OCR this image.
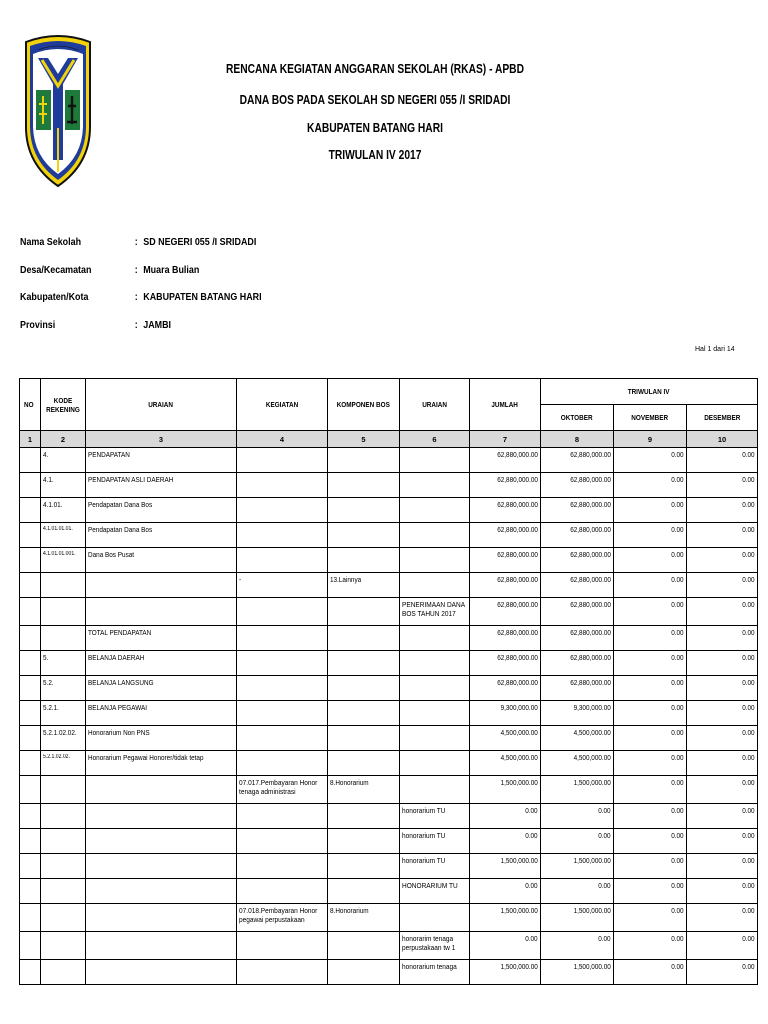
RENCANA KEGIATAN ANGGARAN SEKOLAH (RKAS) - APBD
DANA BOS PADA SEKOLAH SD NEGERI 055 /I SRIDADI
KABUPATEN BATANG HARI
TRIWULAN IV 2017
Nama Sekolah	: SD NEGERI 055 /I SRIDADI
Desa/Kecamatan	: Muara Bulian
Kabupaten/Kota	: KABUPATEN BATANG HARI
Provinsi	: JAMBI
Hal 1 dari 14
NO	KODE REKENING	URAIAN	KEGIATAN	KOMPONEN BOS	URAIAN	JUMLAH	TRIWULAN IV		
							OKTOBER	NOVEMBER	DESEMBER
1	2	3	4	5	6	7	8	9	10
	4.	PENDAPATAN				62,880,000.00	62,880,000.00	0.00	0.00
	4.1.	PENDAPATAN ASLI DAERAH				62,880,000.00	62,880,000.00	0.00	0.00
	4.1.01.	Pendapatan Dana Bos				62,880,000.00	62,880,000.00	0.00	0.00
	4.1.01.01.01.	Pendapatan Dana Bos				62,880,000.00	62,880,000.00	0.00	0.00
	4.1.01.01.001.	Dana Bos Pusat				62,880,000.00	62,880,000.00	0.00	0.00

			-	13.Lainnya		62,880,000.00	62,880,000.00	0.00	0.00

					PENERIMAAN DANA BOS TAHUN 2017	62,880,000.00	62,880,000.00	0.00	0.00
		TOTAL PENDAPATAN				62,880,000.00	62,880,000.00	0.00	0.00
	5.	BELANJA DAERAH				62,880,000.00	62,880,000.00	0.00	0.00
	5.2.	BELANJA LANGSUNG				62,880,000.00	62,880,000.00	0.00	0.00
	5.2.1.	BELANJA PEGAWAI				9,300,000.00	9,300,000.00	0.00	0.00
	5.2.1.02.02.	Honorarium Non PNS				4,500,000.00	4,500,000.00	0.00	0.00
	5.2.1.02.02.	Honorarium Pegawai Honorer/tidak tetap				4,500,000.00	4,500,000.00	0.00	0.00

			07.017.Pembayaran Honor tenaga administrasi	8.Honorarium		1,500,000.00	1,500,000.00	0.00	0.00

					honorarium TU	0.00	0.00	0.00	0.00

					honorarium TU	0.00	0.00	0.00	0.00

					honorarium TU	1,500,000.00	1,500,000.00	0.00	0.00

					HONORARIUM TU	0.00	0.00	0.00	0.00

			07.018.Pembayaran Honor pegawai perpustakaan	8.Honorarium		1,500,000.00	1,500,000.00	0.00	0.00

					honorarim tenaga perpustakaan tw 1	0.00	0.00	0.00	0.00

					honorarium tenaga	1,500,000.00	1,500,000.00	0.00	0.00
